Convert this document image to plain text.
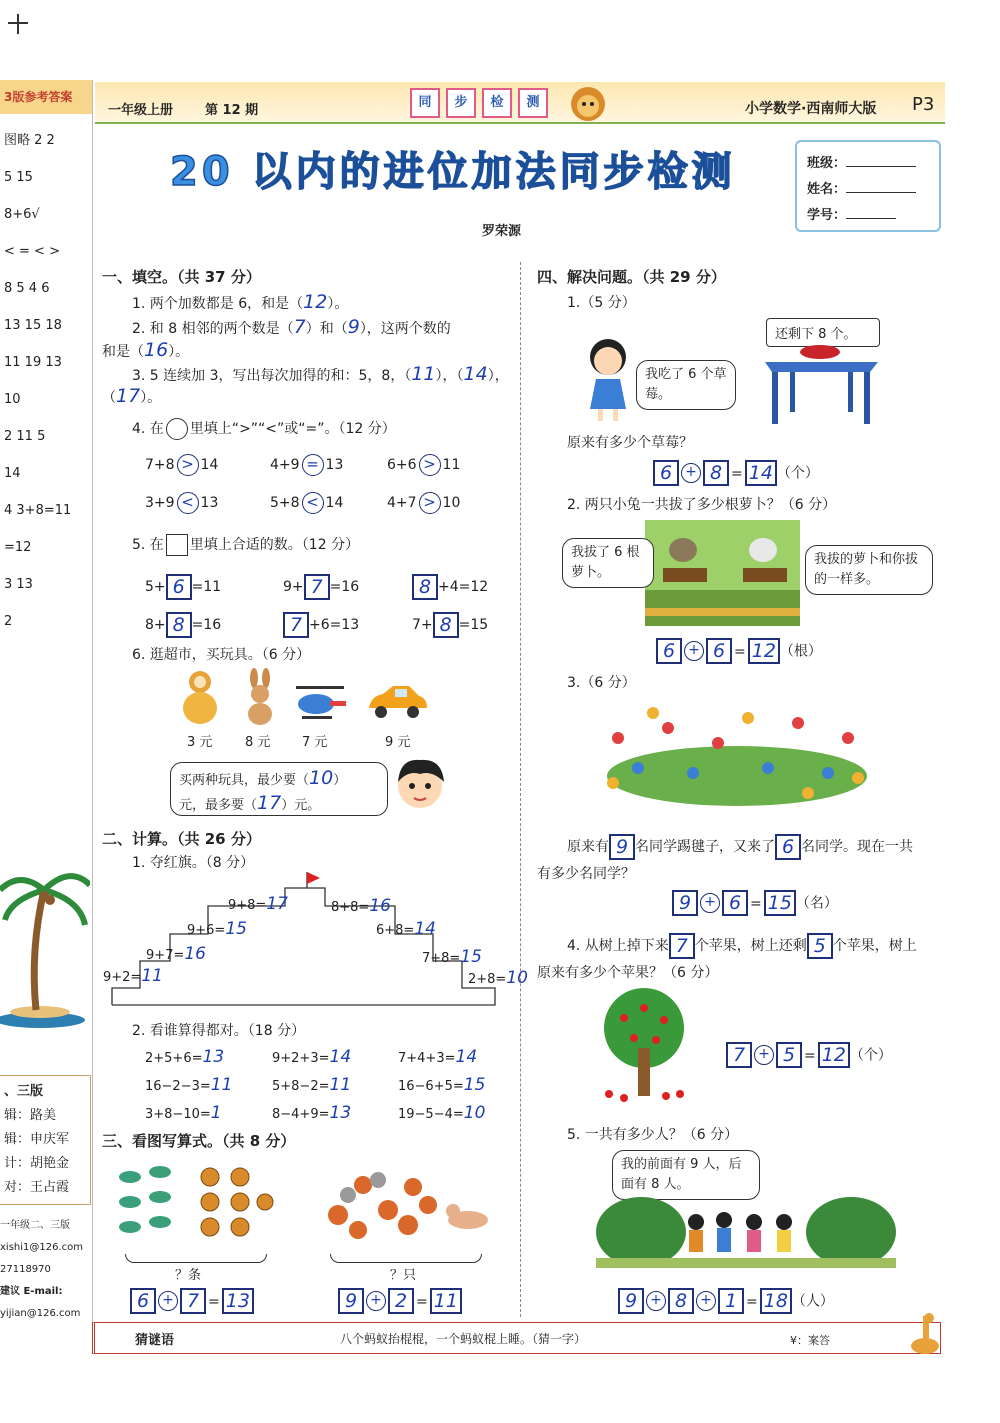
3版参考答案
图略 2 2
5 15
8+6√
< = < >
8 5 4 6
13 15 18
11 19 13
10
2 11 5
14
4 3+8=11
=12
3 13
2
、三版
辑：路美
辑：申庆军
计：胡艳金
对：王占霞
一年级二、三版
xishi1@126.com
27118970
建议 E-mail:
yijian@126.com
一年级上册 第 12 期
同	步	检	测	小学数学·西南师大版 P3
20 以内的进位加法同步检测
罗荣源
班级：
姓名：
学号：
一、填空。（共 37 分）
1. 两个加数都是 6，和是（12）。
2. 和 8 相邻的两个数是（7）和（9），这两个数的
和是（16）。
3. 5 连续加 3，写出每次加得的和：5，8，（11），（14），
（17）。
4. 在 里填上“>”“<”或“=”。（12 分）
5. 在 里填上合适的数。（12 分）
6. 逛超市，买玩具。（6 分）
3 元	8 元 7 元	9 元
买两种玩具，最少要（10）
元，最多要（17）元。
二、计算。（共 26 分）
1. 夺红旗。（8 分）
2. 看谁算得都对。（18 分）
三、看图写算式。（共 8 分）
？条
6 + 7 = 13
？只
9 + 2 = 11
四、解决问题。（共 29 分）
1.（5 分）
我吃了 6 个草莓。
还剩下 8 个。
原来有多少个草莓？
6 + 8 = 14 （个）
2. 两只小兔一共拔了多少根萝卜？（6 分）
我拔了 6 根萝卜。
我拔的萝卜和你拔的一样多。
6 + 6 = 12 （根）
3.（6 分）
原来有 9 名同学踢毽子，又来了 6 名同学。现在一共
有多少名同学？
9 + 6 = 15 （名）
4. 从树上掉下来 7 个苹果，树上还剩 5 个苹果，树上
原来有多少个苹果？（6 分）
7 + 5 = 12 （个）
5. 一共有多少人？（6 分）
我的前面有 9 人，后面有 8 人。
9 + 8 + 1 = 18 （人）
猜谜语	八个蚂蚁抬棍棍，一个蚂蚁棍上睡。（猜一字）	¥：案答
7+8 > 14	4+9 = 13	6+6 > 11
3+9 < 13	5+8 < 14	4+7 > 10
5+ 6 =11	9+ 7 =16	8 +4=12
8+ 8 =16	7 +6=13	7+ 8 =15
9+2=11
9+7=16
9+6=15
9+8=17	8+8=16
6+8=14
7+8=15
2+8=10
2+5+6=13	9+2+3=14	7+4+3=14
16−2−3=11	5+8−2=11	16−6+5=15
3+8−10=1	8−4+9=13	19−5−4=10
